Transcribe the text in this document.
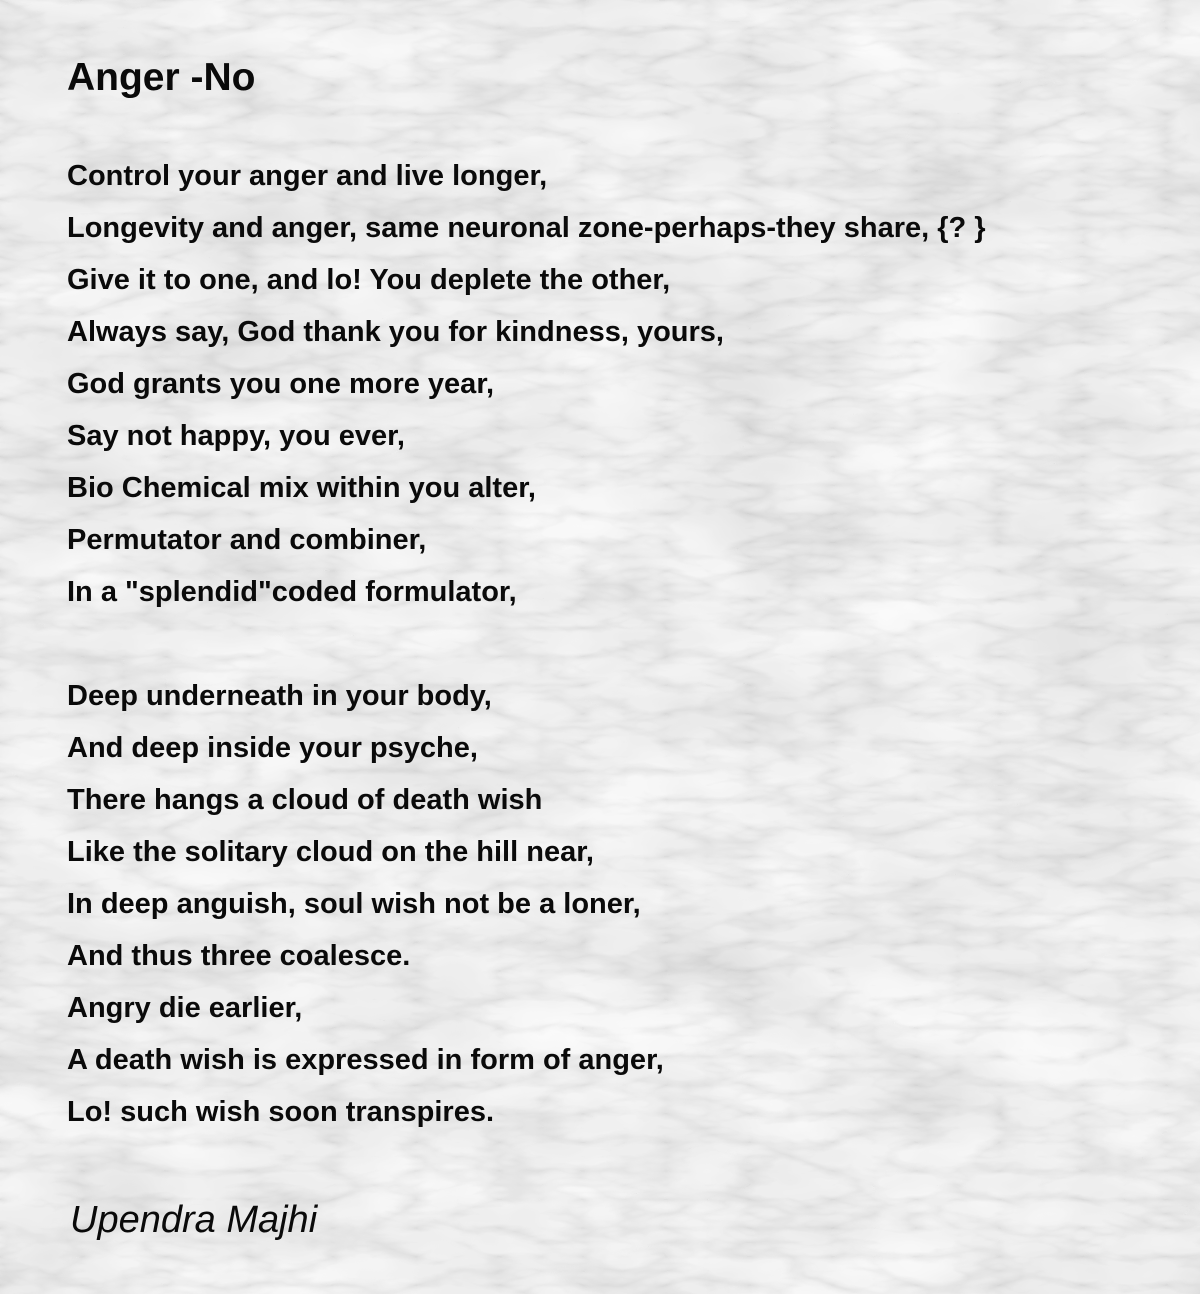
Anger -No
Control your anger and live longer,
Longevity and anger, same neuronal zone-perhaps-they share, {? }
Give it to one, and lo! You deplete the other,
Always say, God thank you for kindness, yours,
God grants you one more year,
Say not happy, you ever,
Bio Chemical mix within you alter,
Permutator and combiner,
In a "splendid"coded formulator,
Deep underneath in your body,
And deep inside your psyche,
There hangs a cloud of death wish
Like the solitary cloud on the hill near,
In deep anguish, soul wish not be a loner,
And thus three coalesce.
Angry die earlier,
A death wish is expressed in form of anger,
Lo! such wish soon transpires.

Upendra Majhi
